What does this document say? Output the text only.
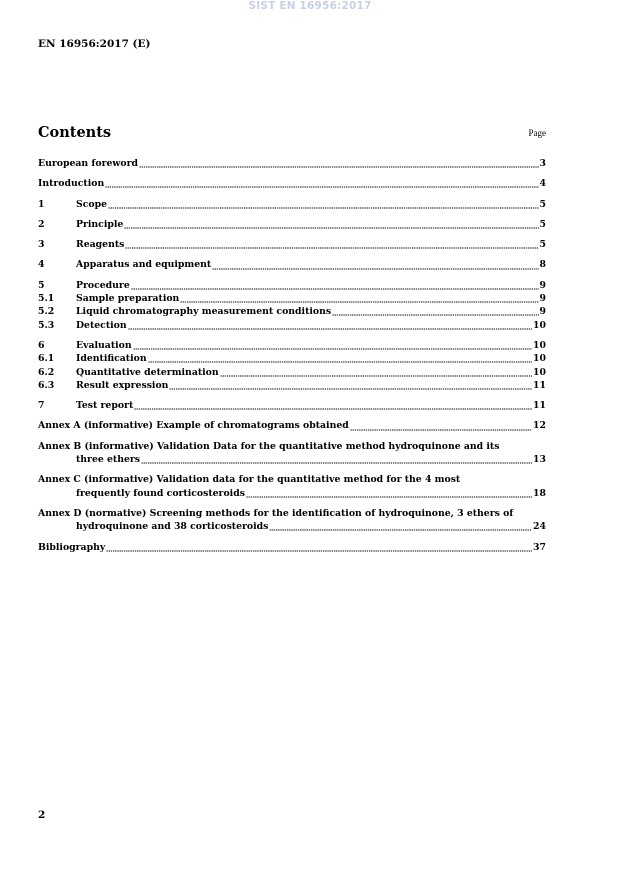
SIST EN 16956:2017
EN 16956:2017 (E)
Contents	Page
European foreword	3
Introduction	4
1	Scope	5
2	Principle	5
3	Reagents	5
4	Apparatus and equipment	8
5	Procedure	9
5.1	Sample preparation	9
5.2	Liquid chromatography measurement conditions	9
5.3	Detection	10
6	Evaluation	10
6.1	Identification	10
6.2	Quantitative determination	10
6.3	Result expression	11
7	Test report	11
Annex A (informative) Example of chromatograms obtained	12
Annex B (informative) Validation Data for the quantitative method hydroquinone and its
three ethers	13
Annex C (informative) Validation data for the quantitative method for the 4 most
frequently found corticosteroids	18
Annex D (normative) Screening methods for the identification of hydroquinone, 3 ethers of
hydroquinone and 38 corticosteroids	24
Bibliography	37
2
